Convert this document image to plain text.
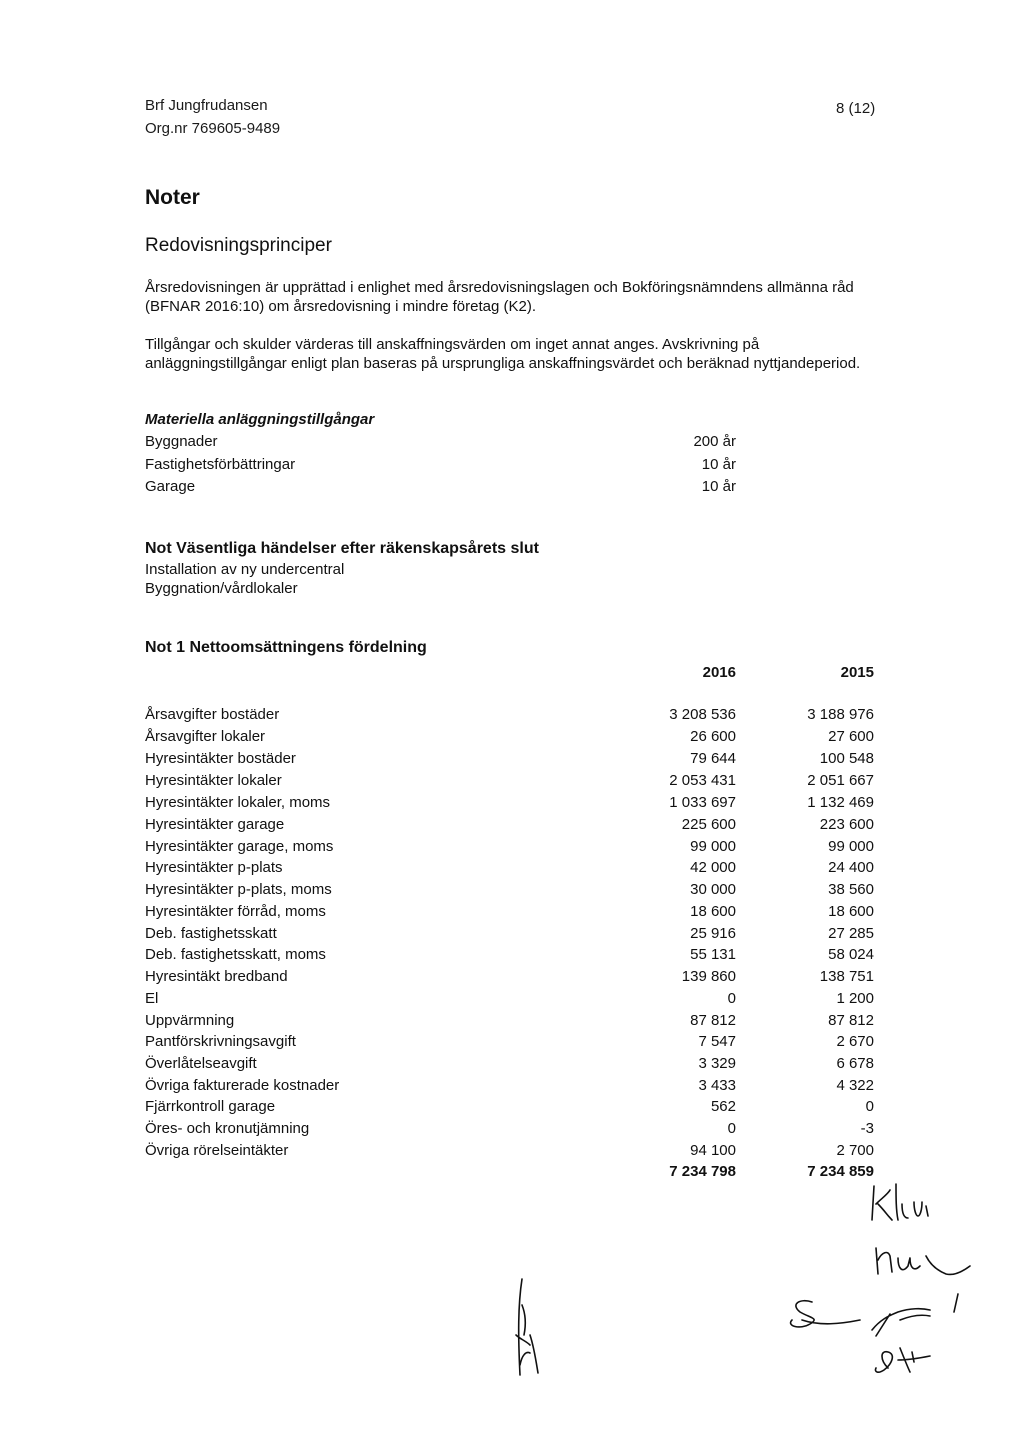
Brf Jungfrudansen
Org.nr 769605-9489
8 (12)
Noter
Redovisningsprinciper
Årsredovisningen är upprättad i enlighet med årsredovisningslagen och Bokföringsnämndens allmänna råd (BFNAR 2016:10) om årsredovisning i mindre företag (K2).
Tillgångar och skulder värderas till anskaffningsvärden om inget annat anges. Avskrivning på anläggningstillgångar enligt plan baseras på ursprungliga anskaffningsvärdet och beräknad nyttjandeperiod.
Materiella anläggningstillgångar
Byggnader	200 år
Fastighetsförbättringar	10 år
Garage	10 år
Not Väsentliga händelser efter räkenskapsårets slut
Installation av ny undercentral
Byggnation/vårdlokaler
Not 1 Nettoomsättningens fördelning
2016	2015
Årsavgifter bostäder	3 208 536	3 188 976
Årsavgifter lokaler	26 600	27 600
Hyresintäkter bostäder	79 644	100 548
Hyresintäkter lokaler	2 053 431	2 051 667
Hyresintäkter lokaler, moms	1 033 697	1 132 469
Hyresintäkter garage	225 600	223 600
Hyresintäkter garage, moms	99 000	99 000
Hyresintäkter p-plats	42 000	24 400
Hyresintäkter p-plats, moms	30 000	38 560
Hyresintäkter förråd, moms	18 600	18 600
Deb. fastighetsskatt	25 916	27 285
Deb. fastighetsskatt, moms	55 131	58 024
Hyresintäkt bredband	139 860	138 751
El	0	1 200
Uppvärmning	87 812	87 812
Pantförskrivningsavgift	7 547	2 670
Överlåtelseavgift	3 329	6 678
Övriga fakturerade kostnader	3 433	4 322
Fjärrkontroll garage	562	0
Öres- och kronutjämning	0	-3
Övriga rörelseintäkter	94 100	2 700
7 234 798	7 234 859
